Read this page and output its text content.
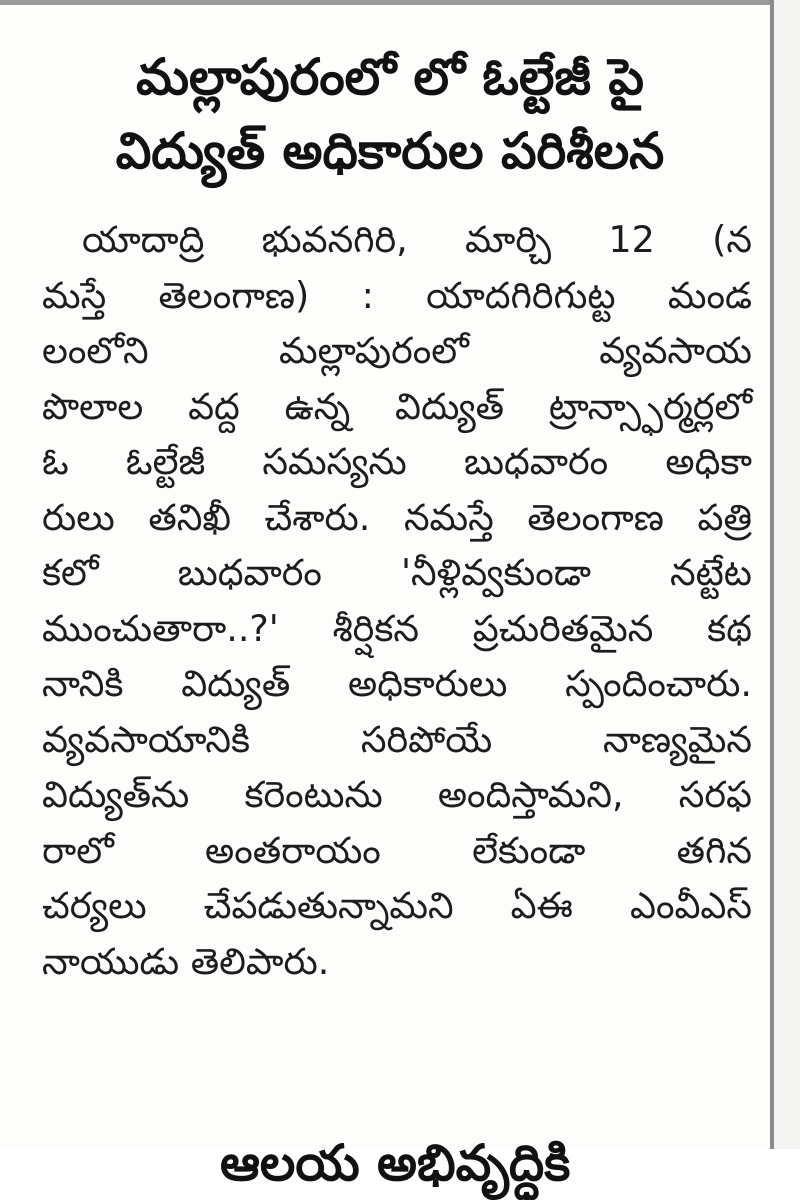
మల్లాపురంలో లో ఓల్టేజీ పై
విద్యుత్ అధికారుల పరిశీలన
యాదాద్రి భువనగిరి, మార్చి 12 (న
మస్తే తెలంగాణ) : యాదగిరిగుట్ట మండ
లంలోని మల్లాపురంలో వ్యవసాయ
పొలాల వద్ద ఉన్న విద్యుత్ ట్రాన్స్ఫార్మర్లలో
ఓ ఓల్టేజీ సమస్యను బుధవారం అధికా
రులు తనిఖీ చేశారు. నమస్తే తెలంగాణ పత్రి
కలో బుధవారం 'నీళ్లివ్వకుండా నట్టేట
ముంచుతారా..?' శీర్షికన ప్రచురితమైన కథ
నానికి విద్యుత్ అధికారులు స్పందించారు.
వ్యవసాయానికి సరిపోయే నాణ్యమైన
విద్యుత్‌ను కరెంటును అందిస్తామని, సరఫ
రాలో అంతరాయం లేకుండా తగిన
చర్యలు చేపడుతున్నామని ఏఈ ఎంవీఎస్
నాయుడు తెలిపారు.
ఆలయ అభివృద్ధికి
